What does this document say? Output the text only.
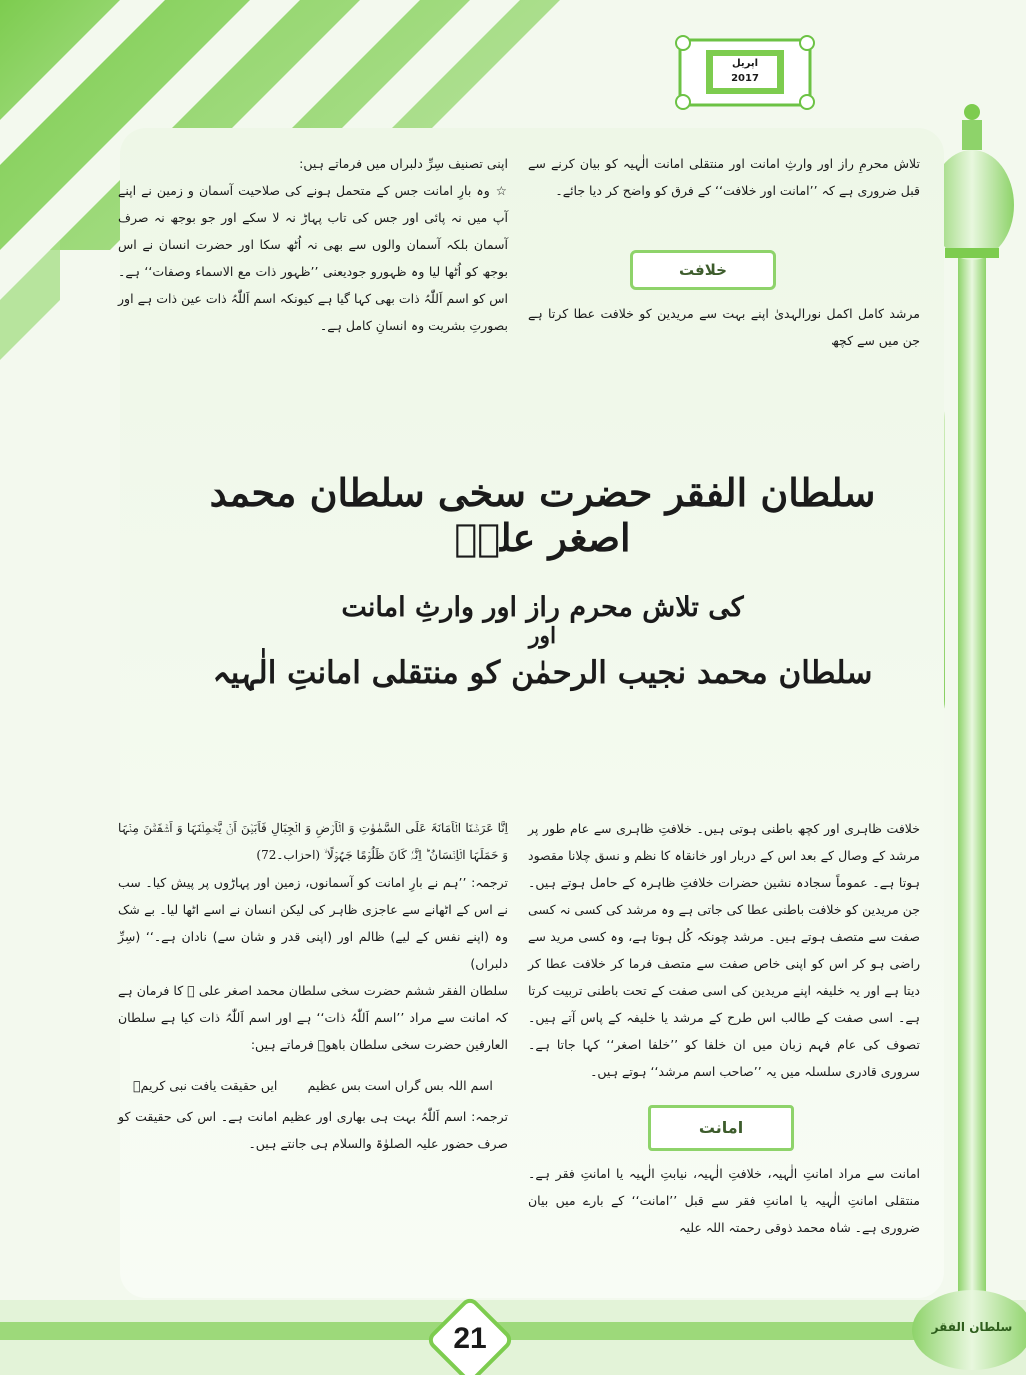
اپریل
2017

تلاش محرمِ راز اور وارثِ امانت اور منتقلی امانت الٰہیہ کو بیان کرنے سے قبل ضروری ہے کہ ’’امانت اور خلافت‘‘ کے فرق کو واضح کر دیا جائے۔

خلافت

مرشد کامل اکمل نورالہدیٰ اپنے بہت سے مریدین کو خلافت عطا کرتا ہے جن میں سے کچھ

اپنی تصنیف سِرِّ دلبراں میں فرماتے ہیں:

☆وہ بارِ امانت جس کے متحمل ہونے کی صلاحیت آسمان و زمین نے اپنے آپ میں نہ پائی اور جس کی تاب پہاڑ نہ لا سکے اور جو بوجھ نہ صرف آسمان بلکہ آسمان والوں سے بھی نہ اُٹھ سکا اور حضرت انسان نے اس بوجھ کو اُٹھا لیا وہ ظہورو جودیعنی ’’ظہور ذات مع الاسماء وصفات‘‘ ہے۔ اس کو اسم اَللّٰہُ ذات بھی کہا گیا ہے کیونکہ اسم اَللّٰہُ ذات عین ذات ہے اور بصورتِ بشریت وہ انسانِ کامل ہے۔

سلطان الفقر حضرت سخی سلطان محمد اصغر علیؒ
کی تلاش محرم راز اور وارثِ امانت
اور
سلطان محمد نجیب الرحمٰن کو منتقلی امانتِ الٰہیہ

خلافت ظاہری اور کچھ باطنی ہوتی ہیں۔ خلافتِ ظاہری سے عام طور پر مرشد کے وصال کے بعد اس کے دربار اور خانقاہ کا نظم و نسق چلانا مقصود ہوتا ہے۔ عموماً سجادہ نشین حضرات خلافتِ ظاہرہ کے حامل ہوتے ہیں۔ جن مریدین کو خلافت باطنی عطا کی جاتی ہے وہ مرشد کی کسی نہ کسی صفت سے متصف ہوتے ہیں۔ مرشد چونکہ کُل ہوتا ہے، وہ کسی مرید سے راضی ہو کر اس کو اپنی خاص صفت سے متصف فرما کر خلافت عطا کر دیتا ہے اور یہ خلیفہ اپنے مریدین کی اسی صفت کے تحت باطنی تربیت کرتا ہے۔ اسی صفت کے طالب اس طرح کے مرشد یا خلیفہ کے پاس آتے ہیں۔ تصوف کی عام فہم زبان میں ان خلفا کو ’’خلفا اصغر‘‘ کہا جاتا ہے۔ سروری قادری سلسلہ میں یہ ’’صاحب اسم مرشد‘‘ ہوتے ہیں۔

امانت

امانت سے مراد امانتِ الٰہیہ، خلافتِ الٰہیہ، نیابتِ الٰہیہ یا امانتِ فقر ہے۔ منتقلی امانتِ الٰہیہ یا امانتِ فقر سے قبل ’’امانت‘‘ کے بارے میں بیان ضروری ہے۔ شاہ محمد ذوقی رحمتہ اللہ علیہ

اِنَّا عَرَضۡنَا الۡاَمَانَۃَ عَلَی السَّمٰوٰتِ وَ الۡاَرۡضِ وَ الۡجِبَالِ فَاَبَیۡنَ اَنۡ یَّحۡمِلۡنَہَا وَ اَشۡفَقۡنَ مِنۡہَا وَ حَمَلَہَا الۡاِنۡسَانُ ؕ اِنَّہٗ کَانَ ظَلُوۡمًا جَہُوۡلًا ۙ (احزاب۔72)

ترجمہ: ’’ہم نے بارِ امانت کو آسمانوں، زمین اور پہاڑوں پر پیش کیا۔ سب نے اس کے اٹھانے سے عاجزی ظاہر کی لیکن انسان نے اسے اٹھا لیا۔ بے شک وہ (اپنے نفس کے لیے) ظالم اور (اپنی قدر و شان سے) نادان ہے۔‘‘ (سِرِّ دلبراں)

سلطان الفقر ششم حضرت سخی سلطان محمد اصغر علی ؒ کا فرمان ہے کہ امانت سے مراد ’’اسم اَللّٰہُ ذات‘‘ ہے اور اسم اَللّٰہُ ذات کیا ہے سلطان العارفین حضرت سخی سلطان باھوؒ فرماتے ہیں:

اسم اللہ بس گراں است بس عظیم
ایں حقیقت یافت نبی کریمؐ

ترجمہ: اسم اَللّٰہُ بہت ہی بھاری اور عظیم امانت ہے۔ اس کی حقیقت کو صرف حضور علیہ الصلوٰۃ والسلام ہی جانتے ہیں۔

21	سلطان الفقر
